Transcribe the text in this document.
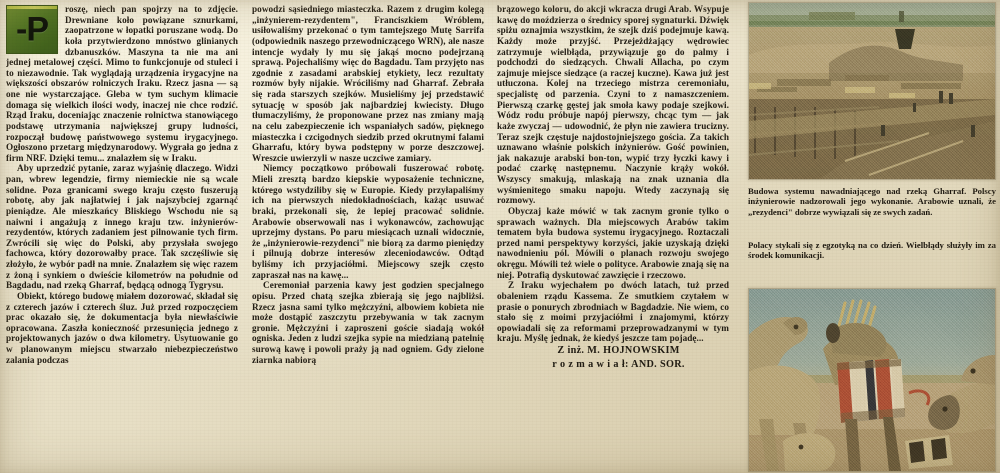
-P

roszę, niech pan spojrzy na to zdjęcie. Drewniane koło powiązane sznurkami, zaopatrzone w łopatki poruszane wodą. Do koła przytwierdzono mnóstwo glinianych dzbanuszków. Maszyna ta nie ma ani jednej metalowej części. Mimo to funkcjonuje od stuleci i to niezawodnie. Tak wyglądają urządzenia irygacyjne na większości obszarów rolniczych Iraku. Rzecz jasna — są one nie wystarczające. Gleba w tym suchym klimacie domaga się wielkich ilości wody, inaczej nie chce rodzić. Rząd Iraku, doceniając znaczenie rolnictwa stanowiącego podstawę utrzymania największej grupy ludności, rozpoczął budowę państwowego systemu irygacyjnego. Ogłoszono przetarg międzynarodowy. Wygrała go jedna z firm NRF. Dzięki temu... znalazłem się w Iraku.

Aby uprzedzić pytanie, zaraz wyjaśnię dlaczego. Widzi pan, wbrew legendzie, firmy niemieckie nie są wcale solidne. Poza granicami swego kraju często fuszerują robotę, aby jak najłatwiej i jak najszybciej zgarnąć pieniądze. Ale mieszkańcy Bliskiego Wschodu nie są naiwni i angażują z innego kraju tzw. inżynierów-rezydentów, których zadaniem jest pilnowanie tych firm. Zwrócili się więc do Polski, aby przysłała swojego fachowca, który dozorowałby prace. Tak szczęśliwie się złożyło, że wybór padł na mnie. Znalazłem się więc razem z żoną i synkiem o dwieście kilometrów na południe od Bagdadu, nad rzeką Gharraf, będącą odnogą Tygrysu.

Obiekt, którego budowę miałem dozorować, składał się z czterech jazów i czterech śluz. Już przed rozpoczęciem prac okazało się, że dokumentacja była niewłaściwie opracowana. Zaszła konieczność przesunięcia jednego z projektowanych jazów o dwa kilometry. Usytuowanie go w planowanym miejscu stwarzało niebezpieczeństwo zalania podczas

powodzi sąsiedniego miasteczka. Razem z drugim kolegą „inżynierem-rezydentem", Franciszkiem Wróblem, usiłowaliśmy przekonać o tym tamtejszego Mutę Sarrifa (odpowiednik naszego przewodniczącego WRN), ale nasze intencje wydały ly mu się jakąś mocno podejrzaną sprawą. Pojechaliśmy więc do Bagdadu. Tam przyjęto nas zgodnie z zasadami arabskiej etykiety, lecz rezultaty rozmów były nijakie. Wróciliśmy nad Gharraf. Zebrała się rada starszych szejków. Musieliśmy jej przedstawić sytuację w sposób jak najbardziej kwiecisty. Długo tłumaczyliśmy, że proponowane przez nas zmiany mają na celu zabezpieczenie ich wspaniałych sadów, pięknego miasteczka i czcigodnych siedzib przed okrutnymi falami Gharrafu, który bywa podstępny w porze deszczowej. Wreszcie uwierzyli w nasze uczciwe zamiary.

Niemcy początkowo próbowali fuszerować robotę. Mieli zresztą bardzo kiepskie wyposażenie techniczne, którego wstydziliby się w Europie. Kiedy przyłapaliśmy ich na pierwszych niedokładnościach, każąc usuwać braki, przekonali się, że lepiej pracować solidnie. Arabowie obserwowali nas i wykonawców, zachowując uprzejmy dystans. Po paru miesiącach uznali widocznie, że „inżynierowie-rezydenci" nie biorą za darmo pieniędzy i pilnują dobrze interesów zleceniodawców. Odtąd byliśmy ich przyjaciółmi. Miejscowy szejk często zapraszał nas na kawę...

Ceremoniał parzenia kawy jest godzien specjalnego opisu. Przed chatą szejka zbierają się jego najbliżsi. Rzecz jasna sami tylko mężczyźni, albowiem kobieta nie może dostąpić zaszczytu przebywania w tak zacnym gronie. Mężczyźni i zaproszeni goście siadają wokół ogniska. Jeden z ludzi szejka sypie na miedzianą patelnię surową kawę i powoli praży ją nad ogniem. Gdy zielone ziarnka nabiorą

brązowego koloru, do akcji wkracza drugi Arab. Wsypuje kawę do moździerza o średnicy sporej sygnaturki. Dźwięk spiżu oznajmia wszystkim, że szejk dziś podejmuje kawą. Każdy może przyjść. Przejeżdżający wędrowiec zatrzymuje wielbłąda, przywiązuje go do palmy i podchodzi do siedzących. Chwali Allacha, po czym zajmuje miejsce siedzące (a raczej kuczne). Kawa już jest utłuczona. Kolej na trzeciego mistrza ceremoniału, specjalistę od parzenia. Czyni to z namaszczeniem. Pierwszą czarkę gęstej jak smoła kawy podaje szejkowi. Wódz rodu próbuje napój pierwszy, chcąc tym — jak każe zwyczaj — udowodnić, że płyn nie zawiera trucizny. Teraz szejk częstuje najdostojniejszego gościa. Za takich uznawano właśnie polskich inżynierów. Gość powinien, jak nakazuje arabski bon-ton, wypić trzy łyczki kawy i podać czarkę następnemu. Naczynie krąży wokół. Wszyscy smakują, mlaskają na znak uznania dla wyśmienitego smaku napoju. Wtedy zaczynają się rozmowy.

Obyczaj każe mówić w tak zacnym gronie tylko o sprawach ważnych. Dla miejscowych Arabów takim tematem była budowa systemu irygacyjnego. Roztaczali przed nami perspektywy korzyści, jakie uzyskają dzięki nawodnieniu pól. Mówili o planach rozwoju swojego okręgu. Mówili też wiele o polityce. Arabowie znają się na niej. Potrafią dyskutować zawzięcie i rzeczowo.

Z Iraku wyjechałem po dwóch latach, tuż przed obaleniem rządu Kassema. Ze smutkiem czytałem w prasie o ponurych zbrodniach w Bagdadzie. Nie wiem, co stało się z moimi przyjaciółmi i znajomymi, którzy opowiadali się za reformami przeprowadzanymi w tym kraju. Myślę jednak, że kiedyś jeszcze tam pojadę...

Z inż. M. HOJNOWSKIM

r o z m a w i a ł: AND. SOR.

Budowa systemu nawadniającego nad rzeką Gharraf. Polscy inżynierowie nadzorowali jego wykonanie. Arabowie uznali, że „rezydenci" dobrze wywiązali się ze swych zadań.
Polacy stykali się z egzotyką na co dzień. Wielbłądy służyły im za środek komunikacji.
